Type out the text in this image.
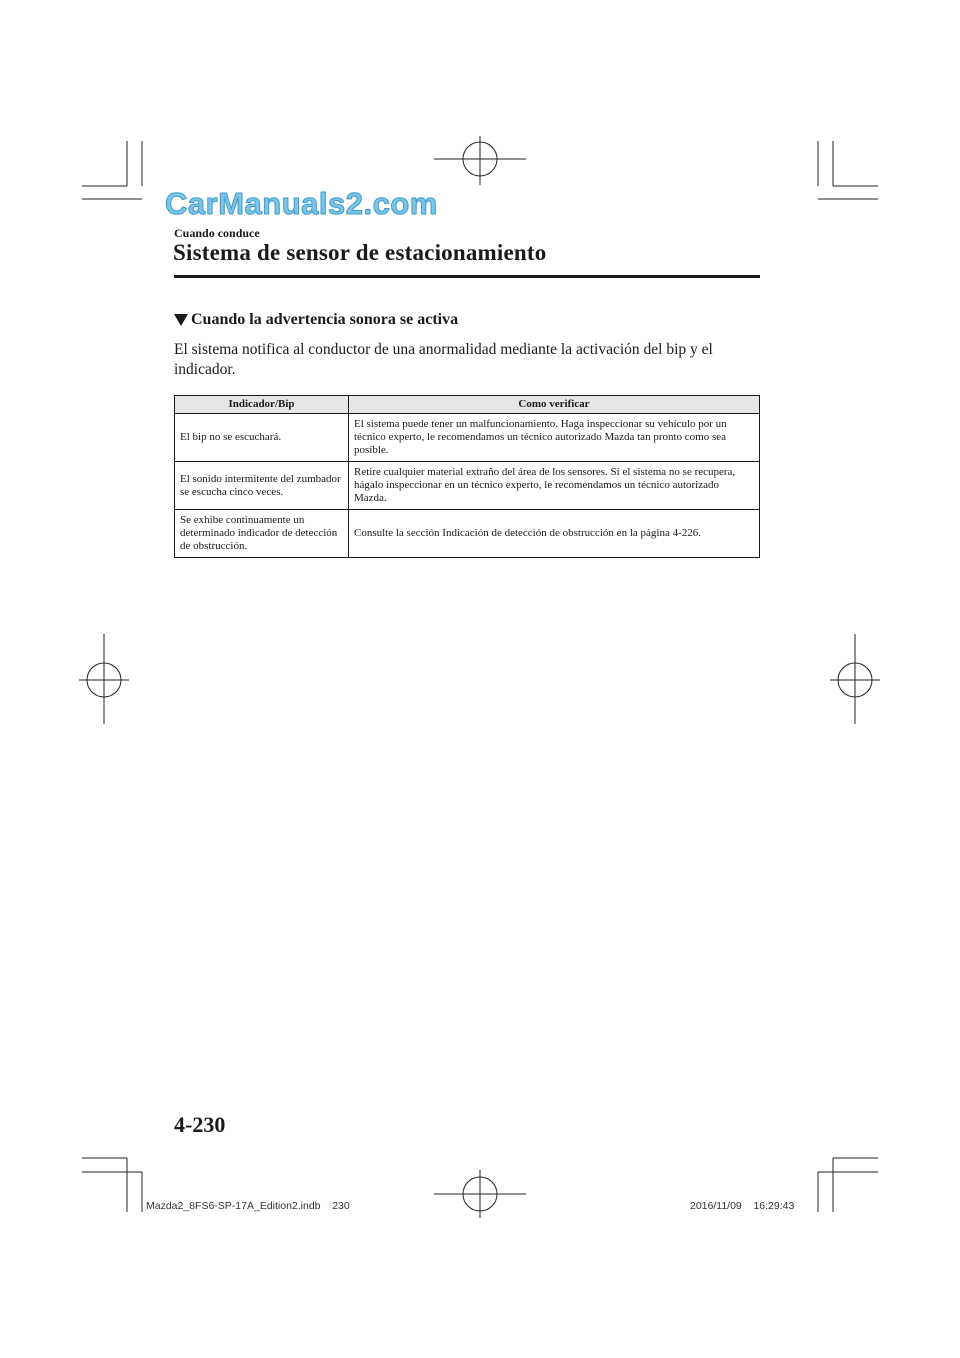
CarManuals2.com
Cuando conduce
Sistema de sensor de estacionamiento
Cuando la advertencia sonora se activa
El sistema notifica al conductor de una anormalidad mediante la activación del bip y el indicador.
Indicador/Bip	Como verificar
El bip no se escuchará.	El sistema puede tener un malfuncionamiento. Haga inspeccionar su vehículo por un técnico experto, le recomendamos un técnico autorizado Mazda tan pronto como sea posible.
El sonido intermitente del zumbador se escucha cinco veces.	Retire cualquier material extraño del área de los sensores. Si el sistema no se recupera, hágalo inspeccionar en un técnico experto, le recomendamos un técnico autorizado Mazda.
Se exhibe continuamente un determinado indicador de detección de obstrucción.	Consulte la sección Indicación de detección de obstrucción en la página 4-226.
4-230
Mazda2_8FS6-SP-17A_Edition2.indb    230	2016/11/09    16:29:43
